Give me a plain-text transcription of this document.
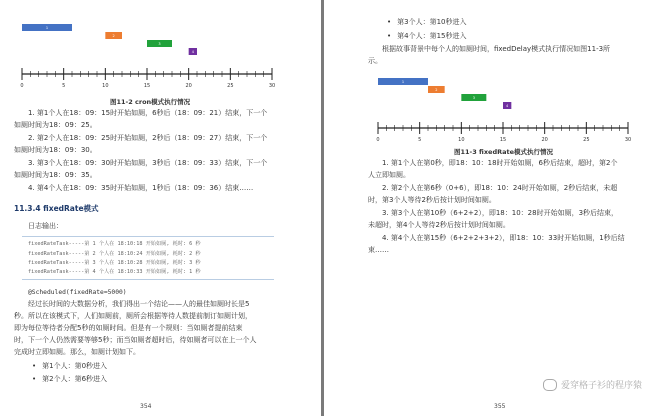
0	5	10	15	20	25	30
1
2
3
4
图11-2 cron模式执行情况
1. 第1个人在18：09：15时开始如厕，6秒后（18：09：21）结束，下一个
如厕时间为18：09：25。
2. 第2个人在18：09：25时开始如厕，2秒后（18：09：27）结束，下一个
如厕时间为18：09：30。
3. 第3个人在18：09：30时开始如厕，3秒后（18：09：33）结束，下一个
如厕时间为18：09：35。
4. 第4个人在18：09：35时开始如厕，1秒后（18：09：36）结束……
11.3.4 fixedRate模式
日志输出：
fixedRateTask-----第 1 个人在 18:10:18 开始如厕, 耗时: 6 秒
fixedRateTask-----第 2 个人在 18:10:24 开始如厕, 耗时: 2 秒
fixedRateTask-----第 3 个人在 18:10:28 开始如厕, 耗时: 3 秒
fixedRateTask-----第 4 个人在 18:10:33 开始如厕, 耗时: 1 秒
@Scheduled(fixedRate=5000)
经过长时间的大数据分析，我们得出一个结论——人的最佳如厕时长是5
秒。所以在该模式下，人们如厕前，厕所会根据等待人数提前制订如厕计划，
即为每位等待者分配5秒的如厕时间。但是有一个规则：当如厕者提前结束
时，下一个人仍然需要等够5秒；而当如厕者超时后，待如厕者可以在上一个人
完成时立即如厕。那么，如厕计划如下。
• 第1个人：第0秒进入
• 第2个人：第6秒进入
354
• 第3个人：第10秒进入
• 第4个人：第15秒进入
根据故事背景中每个人的如厕时间，fixedDelay模式执行情况如图11-3所
示。
0	5	10	15	20	25	30
1
2
3
4
图11-3 fixedRate模式执行情况
1. 第1个人在第0秒，即18：10：18时开始如厕，6秒后结束，超时，第2个
人立即如厕。
2. 第2个人在第6秒（0+6），即18：10：24时开始如厕，2秒后结束，未超
时，第3个人等待2秒后按计划时间如厕。
3. 第3个人在第10秒（6+2+2），即18：10：28时开始如厕，3秒后结束，
未超时，第4个人等待2秒后按计划时间如厕。
4. 第4个人在第15秒（6+2+2+3+2），即18：10：33时开始如厕，1秒后结
束……
爱穿格子衫的程序猿
355
